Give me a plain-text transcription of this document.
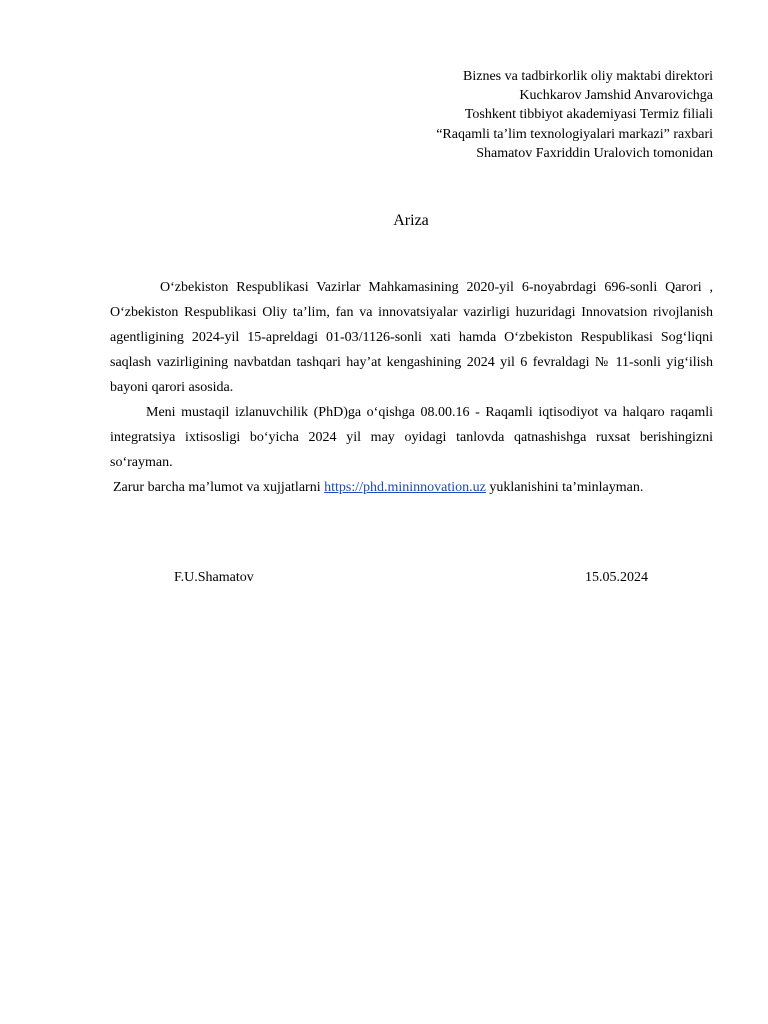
Biznes va tadbirkorlik oliy maktabi direktori
Kuchkarov Jamshid Anvarovichga
Toshkent tibbiyot akademiyasi Termiz filiali
“Raqamli ta’lim texnologiyalari markazi” raxbari
Shamatov Faxriddin Uralovich tomonidan
Ariza

O‘zbekiston Respublikasi Vazirlar Mahkamasining 2020-yil 6-noyabrdagi 696-sonli Qarori , O‘zbekiston Respublikasi Oliy ta’lim, fan va innovatsiyalar vazirligi huzuridagi Innovatsion rivojlanish agentligining 2024-yil 15-apreldagi 01-03/1126-sonli xati hamda O‘zbekiston Respublikasi Sog‘liqni saqlash vazirligining navbatdan tashqari hay’at kengashining 2024 yil 6 fevraldagi № 11-sonli yig‘ilish bayoni qarori asosida.

Meni mustaqil izlanuvchilik (PhD)ga o‘qishga 08.00.16 - Raqamli iqtisodiyot va halqaro raqamli integratsiya ixtisosligi bo‘yicha 2024 yil may oyidagi tanlovda qatnashishga ruxsat berishingizni so‘rayman.

Zarur barcha ma’lumot va xujjatlarni https://phd.mininnovation.uz yuklanishini ta’minlayman.

F.U.Shamatov	15.05.2024
